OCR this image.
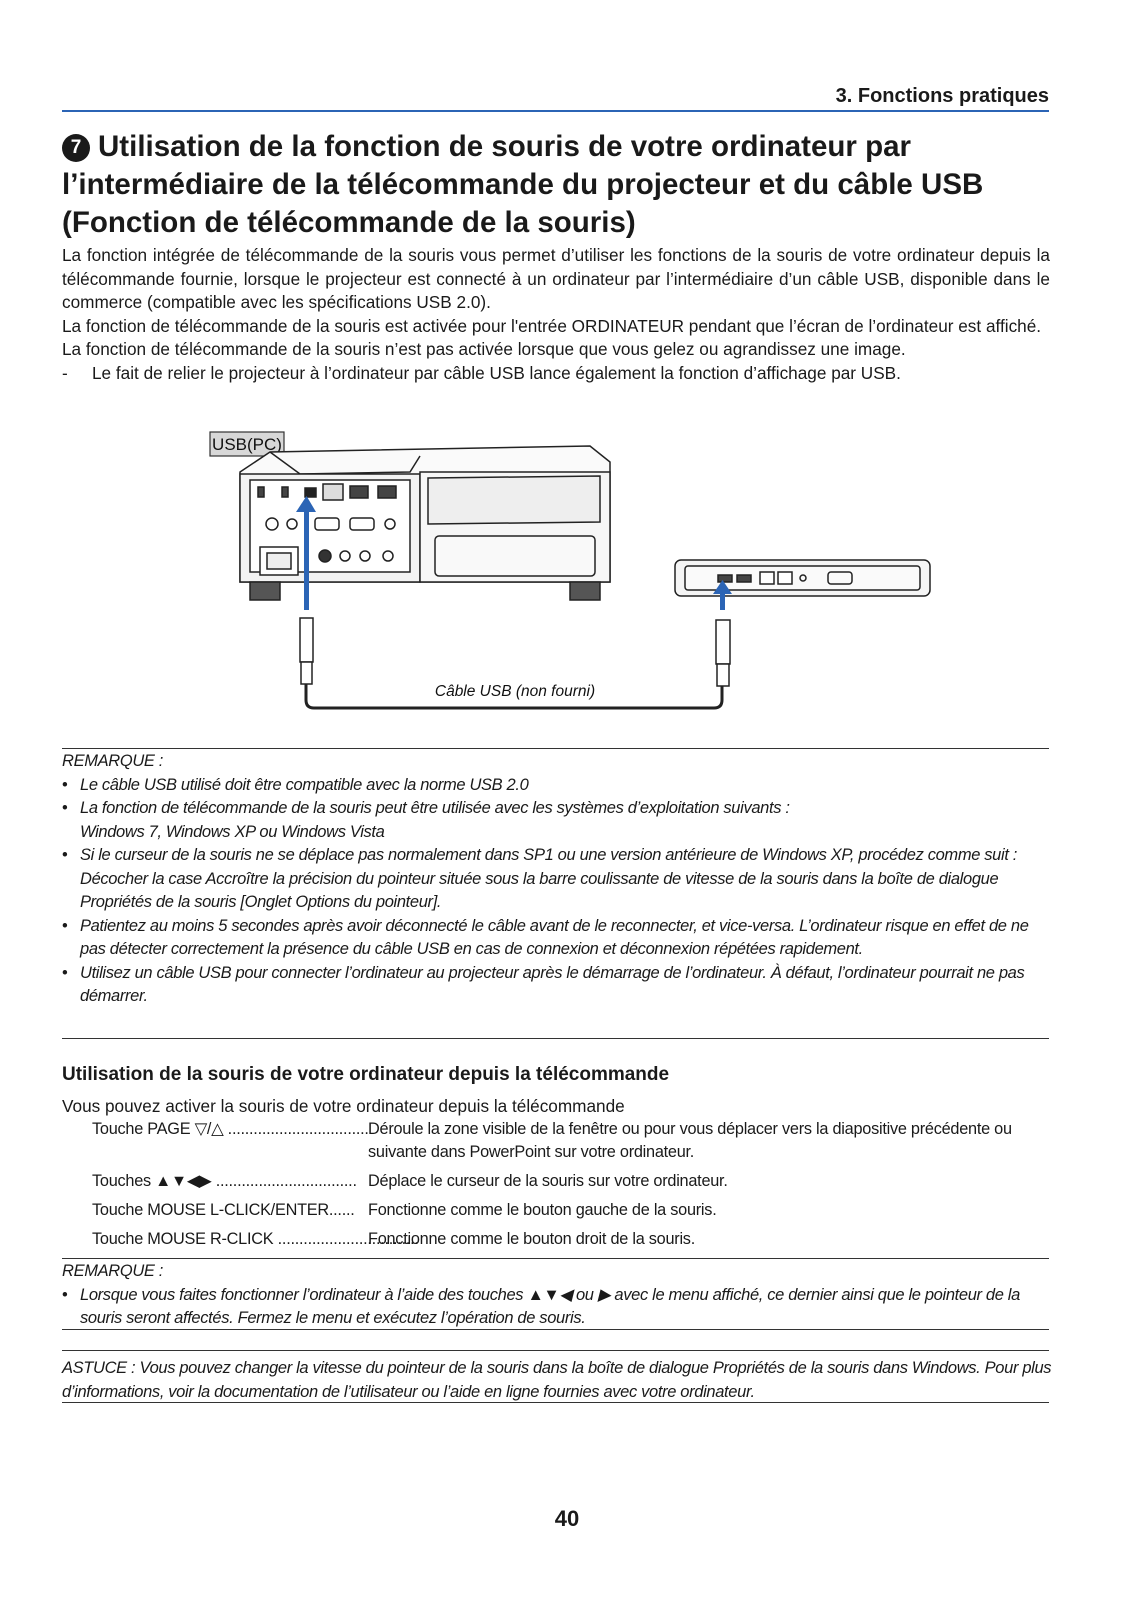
3. Fonctions pratiques
7 Utilisation de la fonction de souris de votre ordinateur par l’intermédiaire de la télécommande du projecteur et du câble USB (Fonction de télécommande de la souris)

La fonction intégrée de télécommande de la souris vous permet d’utiliser les fonctions de la souris de votre ordinateur depuis la télécommande fournie, lorsque le projecteur est connecté à un ordinateur par l’intermédiaire d’un câble USB, disponible dans le commerce (compatible avec les spécifications USB 2.0).

La fonction de télécommande de la souris est activée pour l'entrée ORDINATEUR pendant que l’écran de l’ordinateur est affiché.

La fonction de télécommande de la souris n’est pas activée lorsque que vous gelez ou agrandissez une image.

-	Le fait de relier le projecteur à l’ordinateur par câble USB lance également la fonction d’affichage par USB.

USB(PC)
Câble USB (non fourni)
REMARQUE :
• Le câble USB utilisé doit être compatible avec la norme USB 2.0
• La fonction de télécommande de la souris peut être utilisée avec les systèmes d’exploitation suivants :
Windows 7, Windows XP ou Windows Vista
• Si le curseur de la souris ne se déplace pas normalement dans SP1 ou une version antérieure de Windows XP, procédez comme suit :
Décocher la case Accroître la précision du pointeur située sous la barre coulissante de vitesse de la souris dans la boîte de dialogue Propriétés de la souris [Onglet Options du pointeur].
• Patientez au moins 5 secondes après avoir déconnecté le câble avant de le reconnecter, et vice-versa. L’ordinateur risque en effet de ne pas détecter correctement la présence du câble USB en cas de connexion et déconnexion répétées rapidement.
• Utilisez un câble USB pour connecter l’ordinateur au projecteur après le démarrage de l’ordinateur. À défaut, l’ordinateur pourrait ne pas démarrer.
Utilisation de la souris de votre ordinateur depuis la télécommande
Vous pouvez activer la souris de votre ordinateur depuis la télécommande
Touche PAGE ▽/△ ................................. Déroule la zone visible de la fenêtre ou pour vous déplacer vers la diapositive précédente ou suivante dans PowerPoint sur votre ordinateur.
Touches ▲▼◀▶ ................................. Déplace le curseur de la souris sur votre ordinateur.
Touche MOUSE L-CLICK/ENTER...... Fonctionne comme le bouton gauche de la souris.
Touche MOUSE R-CLICK .................................
Fonctionne comme le bouton droit de la souris.
REMARQUE :
• Lorsque vous faites fonctionner l’ordinateur à l’aide des touches ▲▼◀ ou ▶ avec le menu affiché, ce dernier ainsi que le pointeur de la souris seront affectés. Fermez le menu et exécutez l’opération de souris.
ASTUCE : Vous pouvez changer la vitesse du pointeur de la souris dans la boîte de dialogue Propriétés de la souris dans Windows. Pour plus d’informations, voir la documentation de l’utilisateur ou l’aide en ligne fournies avec votre ordinateur.
40
